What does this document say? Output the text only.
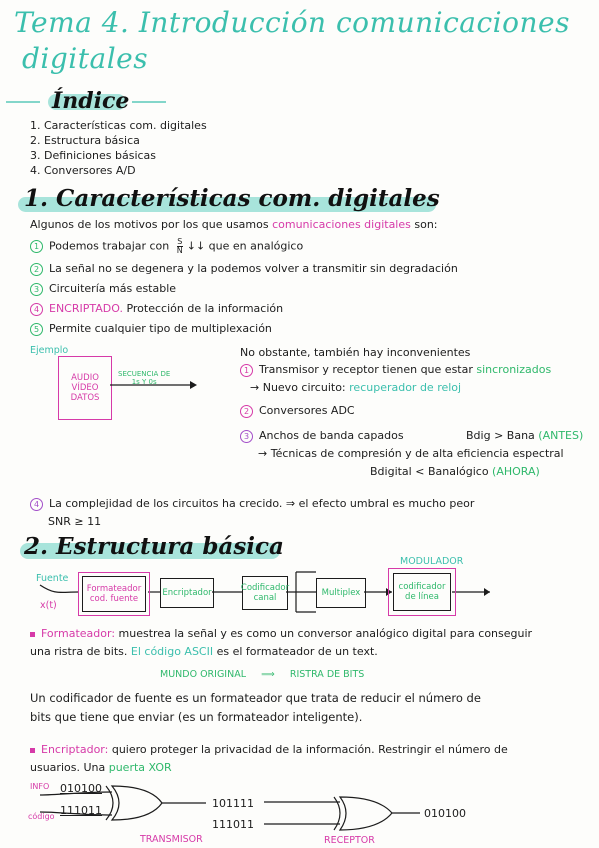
Tema 4. Introducción comunicaciones
digitales
Índice
1. Características com. digitales
2. Estructura básica
3. Definiciones básicas
4. Conversores A/D
1. Características com. digitales
Algunos de los motivos por los que usamos comunicaciones digitales son:
1 Podemos trabajar con $\frac{S}{N}$ ↓↓ que en analógico
2 La señal no se degenera y la podemos volver a transmitir sin degradación
3 Circuitería más estable
4 ENCRIPTADO. Protección de la información
5 Permite cualquier tipo de multiplexación
Ejemplo
AUDIO
VÍDEO
DATOS
SECUENCIA DE
1s Y 0s
No obstante, también hay inconvenientes
1 Transmisor y receptor tienen que estar sincronizados
→ Nuevo circuito: recuperador de reloj
2 Conversores ADC
3 Anchos de banda capados	Bdig > Bana (ANTES)
→ Técnicas de compresión y de alta eficiencia espectral
Bdigital < Banalógico (AHORA)
4 La complejidad de los circuitos ha crecido. ⇒ el efecto umbral es mucho peor
SNR ≥ 11
2. Estructura básica
MODULADOR
Fuente
x(t)
Formateador
cod. fuente
Encriptador	Codificador
canal	Multiplex
codificador
de línea
Formateador: muestrea la señal y es como un conversor analógico digital para conseguir
una ristra de bits. El código ASCII es el formateador de un text.
MUNDO ORIGINAL ⟹ RISTRA DE BITS
Un codificador de fuente es un formateador que trata de reducir el número de
bits que tiene que enviar (es un formateador inteligente).
Encriptador: quiero proteger la privacidad de la información. Restringir el número de
usuarios. Una puerta XOR
INFO 010100
código 111011
101111
111011
010100
TRANSMISOR	RECEPTOR
